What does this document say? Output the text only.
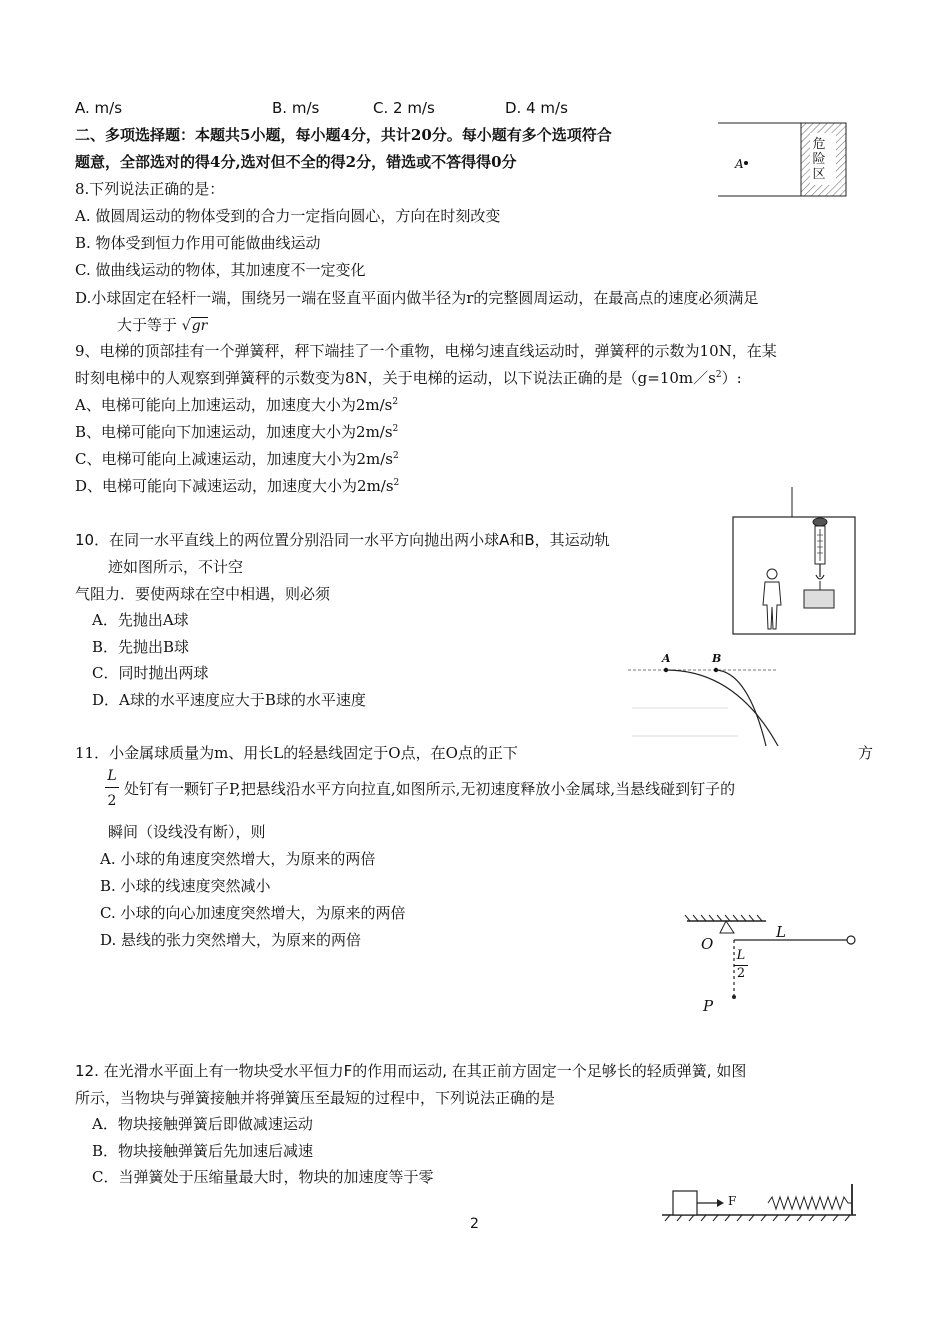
A. m/s	B. m/s	C. 2 m/s	D. 4 m/s
二、多项选择题：本题共5小题，每小题4分，共计20分。每小题有多个选项符合
题意，全部选对的得4分,选对但不全的得2分，错选或不答得得0分	A
危险区
8.下列说法正确的是：
A. 做圆周运动的物体受到的合力一定指向圆心，方向在时刻改变
B. 物体受到恒力作用可能做曲线运动
C. 做曲线运动的物体，其加速度不一定变化
D.小球固定在轻杆一端，围绕另一端在竖直平面内做半径为r的完整圆周运动，在最高点的速度必须满足
大于等于 √gr
9、电梯的顶部挂有一个弹簧秤，秤下端挂了一个重物，电梯匀速直线运动时，弹簧秤的示数为10N，在某
时刻电梯中的人观察到弹簧秤的示数变为8N，关于电梯的运动，以下说法正确的是$(g=10m/s^2)$:
A、电梯可能向上加速运动，加速度大小为$2m/s^2$
B、电梯可能向下加速运动，加速度大小为$2m/s^2$
C、电梯可能向上减速运动，加速度大小为$2m/s^2$
D、电梯可能向下减速运动，加速度大小为$2m/s^2$
10．在同一水平直线上的两位置分别沿同一水平方向抛出两小球A和B，其运动轨
迹如图所示，不计空
气阻力．要使两球在空中相遇，则必须
A．先抛出A球
B．先抛出B球
C．同时抛出两球
D．A球的水平速度应大于B球的水平速度
A	B
11．小金属球质量为m、用长L的轻悬线固定于O点，在O点的正下	方
L
2
处钉有一颗钉子P,把悬线沿水平方向拉直,如图所示,无初速度释放小金属球,当悬线碰到钉子的
瞬间（设线没有断），则
A. 小球的角速度突然增大，为原来的两倍
B. 小球的线速度突然减小
C. 小球的向心加速度突然增大，为原来的两倍
D. 悬线的张力突然增大，为原来的两倍	O
L
L
2
P
12. 在光滑水平面上有一物块受水平恒力F的作用而运动, 在其正前方固定一个足够长的轻质弹簧, 如图
所示，当物块与弹簧接触并将弹簧压至最短的过程中，下列说法正确的是
A．物块接触弹簧后即做减速运动
B．物块接触弹簧后先加速后减速
C．当弹簧处于压缩量最大时，物块的加速度等于零
F
2
